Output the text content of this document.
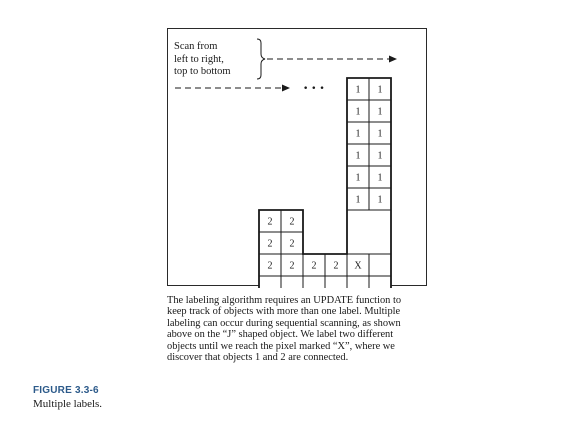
• • •	1 1
1 1
1 1
1 1
1 1
1 1
2 2
2 2
2 2 2 2 X
Scan from
left to right,
top to bottom

The labeling algorithm requires an UPDATE function to
keep track of objects with more than one label. Multiple
labeling can occur during sequential scanning, as shown
above on the “J” shaped object. We label two different
objects until we reach the pixel marked “X”, where we
discover that objects 1 and 2 are connected.

FIGURE 3.3-6
Multiple labels.
